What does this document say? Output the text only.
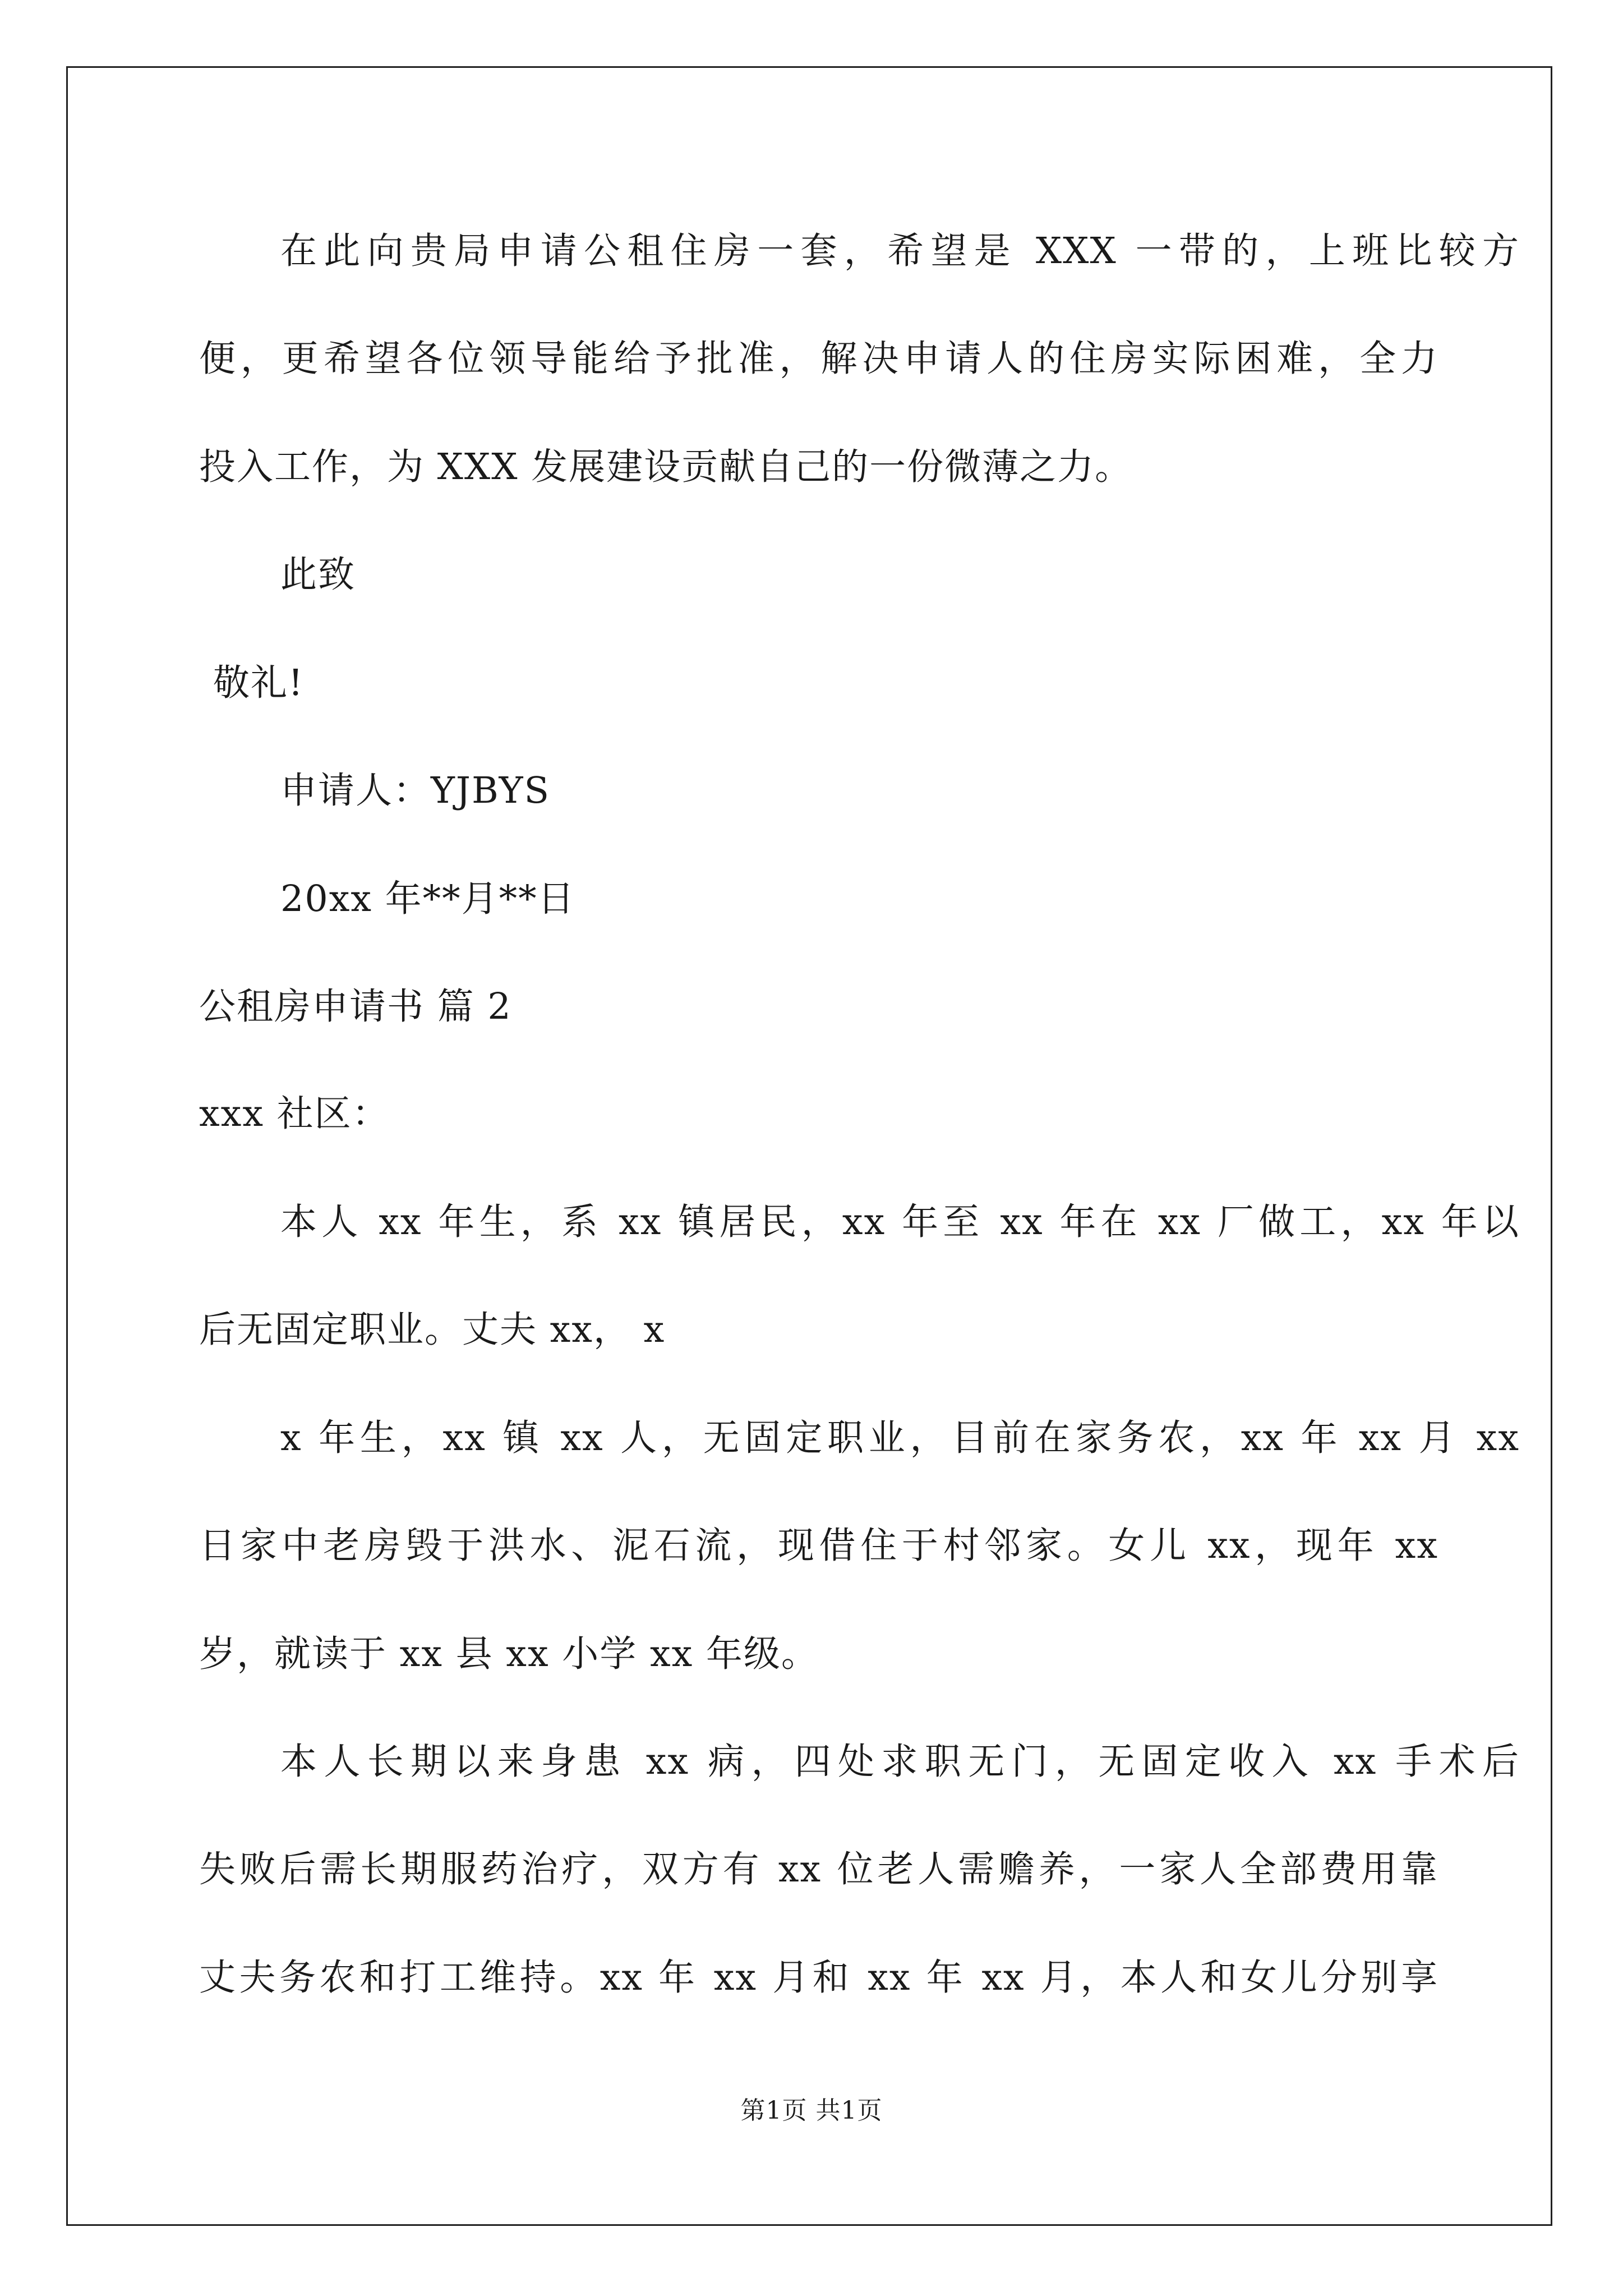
在此向贵局申请公租住房一套，希望是 XXX 一带的，上班比较方
便，更希望各位领导能给予批准，解决申请人的住房实际困难，全力
投入工作，为 XXX 发展建设贡献自己的一份微薄之力。
此致
敬礼!
申请人：YJBYS
20xx 年**月**日
公租房申请书 篇 2
xxx 社区：
本人 xx 年生，系 xx 镇居民，xx 年至 xx 年在 xx 厂做工，xx 年以
后无固定职业。丈夫 xx， x
x 年生，xx 镇 xx 人，无固定职业，目前在家务农，xx 年 xx 月 xx
日家中老房毁于洪水、泥石流，现借住于村邻家。女儿 xx，现年 xx
岁，就读于 xx 县 xx 小学 xx 年级。
本人长期以来身患 xx 病，四处求职无门，无固定收入 xx 手术后
失败后需长期服药治疗，双方有 xx 位老人需赡养，一家人全部费用靠
丈夫务农和打工维持。xx 年 xx 月和 xx 年 xx 月，本人和女儿分别享
第1页 共1页
